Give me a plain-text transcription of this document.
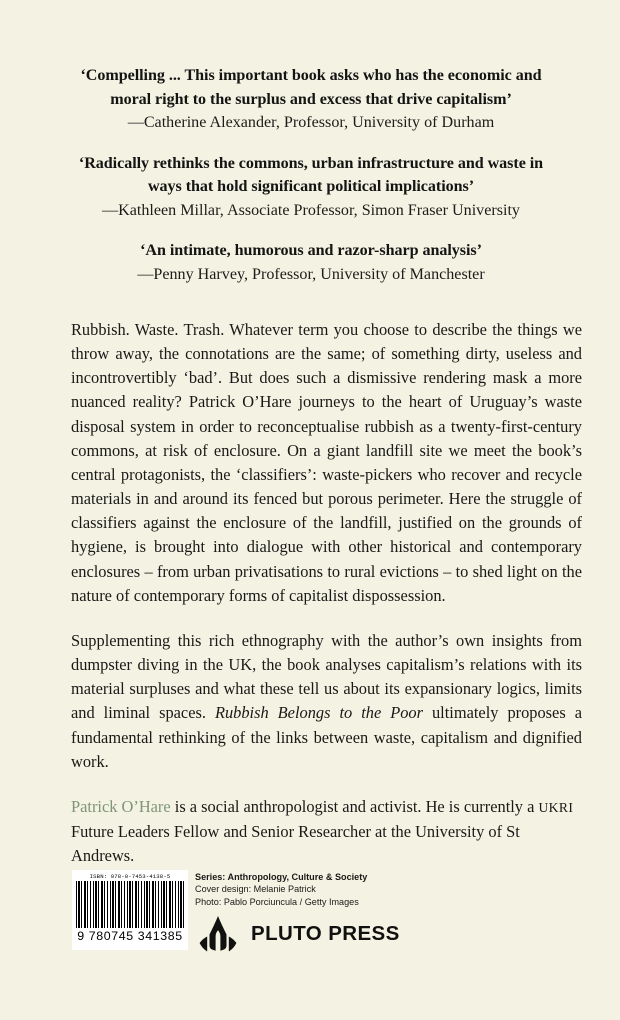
‘Compelling ... This important book asks who has the economic and moral right to the surplus and excess that drive capitalism’
—Catherine Alexander, Professor, University of Durham
‘Radically rethinks the commons, urban infrastructure and waste in ways that hold significant political implications’
—Kathleen Millar, Associate Professor, Simon Fraser University
‘An intimate, humorous and razor-sharp analysis’
—Penny Harvey, Professor, University of Manchester

Rubbish. Waste. Trash. Whatever term you choose to describe the things we throw away, the connotations are the same; of something dirty, useless and incontrovertibly ‘bad’. But does such a dismissive rendering mask a more nuanced reality? Patrick O’Hare journeys to the heart of Uruguay’s waste disposal system in order to reconceptualise rubbish as a twenty-first-century commons, at risk of enclosure. On a giant landfill site we meet the book’s central protagonists, the ‘classifiers’: waste-pickers who recover and recycle materials in and around its fenced but porous perimeter. Here the struggle of classifiers against the enclosure of the landfill, justified on the grounds of hygiene, is brought into dialogue with other historical and contemporary enclosures – from urban privatisations to rural evictions – to shed light on the nature of contemporary forms of capitalist dispossession.

Supplementing this rich ethnography with the author’s own insights from dumpster diving in the UK, the book analyses capitalism’s relations with its material surpluses and what these tell us about its expansionary logics, limits and liminal spaces. Rubbish Belongs to the Poor ultimately proposes a fundamental rethinking of the links between waste, capitalism and dignified work.

Patrick O’Hare is a social anthropologist and activist. He is currently a UKRI Future Leaders Fellow and Senior Researcher at the University of St Andrews.
ISBN: 978-0-7453-4138-5
9 780745 341385
Series: Anthropology, Culture & Society
Cover design: Melanie Patrick
Photo: Pablo Porciuncula / Getty Images
PLUTO PRESS
